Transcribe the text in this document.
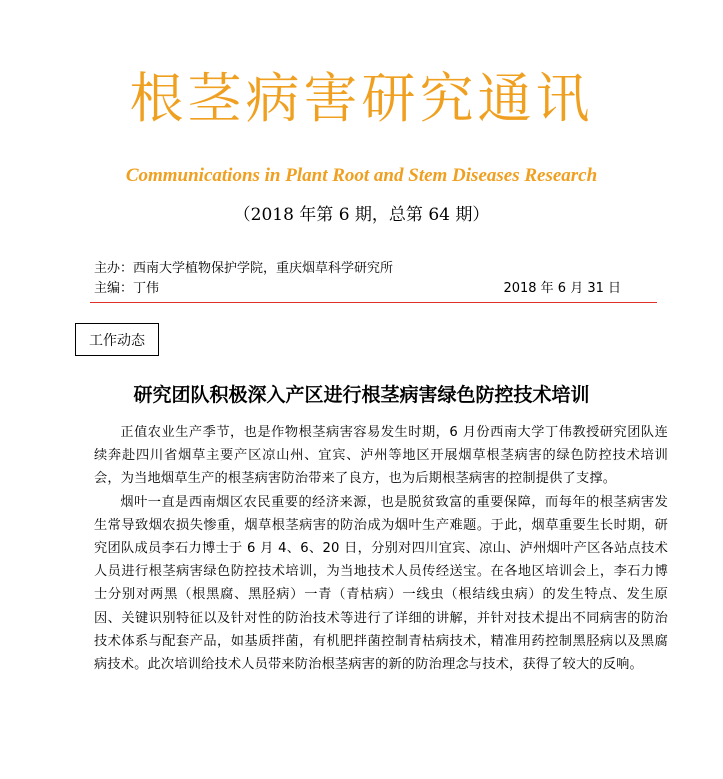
根茎病害研究通讯
Communications in Plant Root and Stem Diseases Research
（2018 年第 6 期，总第 64 期）
主办：西南大学植物保护学院，重庆烟草科学研究所
主编：丁伟	2018 年 6 月 31 日
工作动态
研究团队积极深入产区进行根茎病害绿色防控技术培训

正值农业生产季节，也是作物根茎病害容易发生时期，6 月份西南大学丁伟教授研究团队连续奔赴四川省烟草主要产区凉山州、宜宾、泸州等地区开展烟草根茎病害的绿色防控技术培训会，为当地烟草生产的根茎病害防治带来了良方，也为后期根茎病害的控制提供了支撑。

烟叶一直是西南烟区农民重要的经济来源，也是脱贫致富的重要保障，而每年的根茎病害发生常导致烟农损失惨重，烟草根茎病害的防治成为烟叶生产难题。于此，烟草重要生长时期，研究团队成员李石力博士于 6 月 4、6、20 日，分别对四川宜宾、凉山、泸州烟叶产区各站点技术人员进行根茎病害绿色防控技术培训，为当地技术人员传经送宝。在各地区培训会上，李石力博士分别对两黑（根黑腐、黑胫病）一青（青枯病）一线虫（根结线虫病）的发生特点、发生原因、关键识别特征以及针对性的防治技术等进行了详细的讲解，并针对技术提出不同病害的防治技术体系与配套产品，如基质拌菌，有机肥拌菌控制青枯病技术，精准用药控制黑胫病以及黑腐病技术。此次培训给技术人员带来防治根茎病害的新的防治理念与技术，获得了较大的反响。
